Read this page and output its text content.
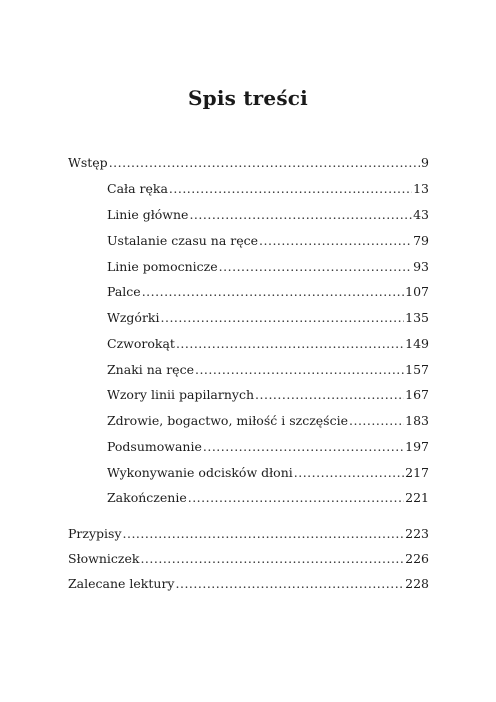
Spis treści
Wstęp .....	9
Cała ręka .....	13
Linie główne .....	43
Ustalanie czasu na ręce .....	79
Linie pomocnicze .....	93
Palce .....	107
Wzgórki .....	135
Czworokąt .....	149
Znaki na ręce .....	157
Wzory linii papilarnych .....	167
Zdrowie, bogactwo, miłość i szczęście .....	183
Podsumowanie .....	197
Wykonywanie odcisków dłoni .....	217
Zakończenie .....	221
Przypisy .....	223
Słowniczek .....	226
Zalecane lektury .....	228
